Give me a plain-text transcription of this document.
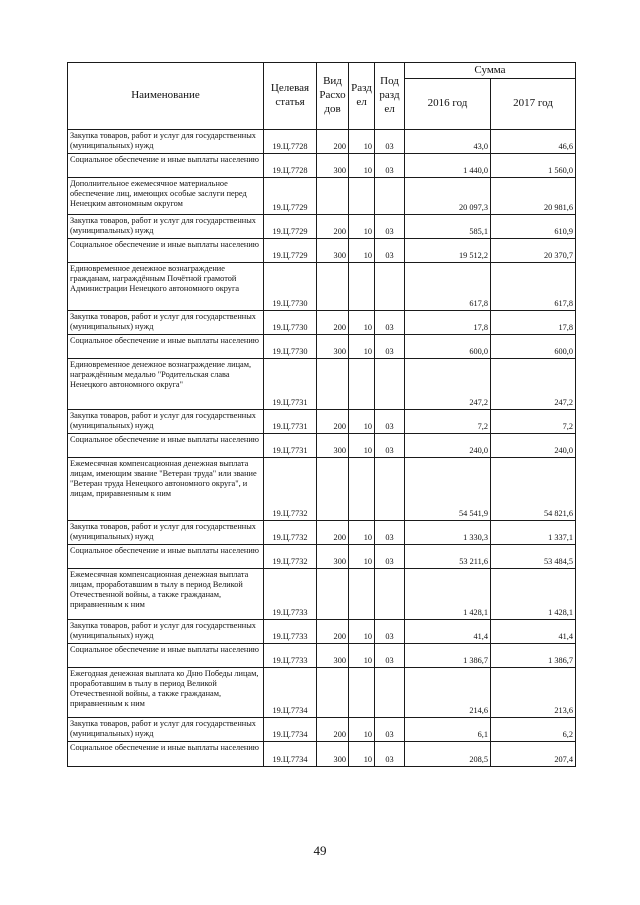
Наименование	Целевая статья	Вид Расхо дов	Разд ел	Под разд ел	Сумма	
					2016 год	2017 год
Закупка товаров, работ и услуг для государственных (муниципальных) нужд	19.Ц.7728	200	10	03	43,0	46,6
Социальное обеспечение и иные выплаты населению	19.Ц.7728	300	10	03	1 440,0	1 560,0
Дополнительное ежемесячное материальное обеспечение лиц, имеющих особые заслуги перед Ненецким автономным округом	19.Ц.7729				20 097,3	20 981,6
Закупка товаров, работ и услуг для государственных (муниципальных) нужд	19.Ц.7729	200	10	03	585,1	610,9
Социальное обеспечение и иные выплаты населению	19.Ц.7729	300	10	03	19 512,2	20 370,7
Единовременное денежное вознаграждение гражданам, награждённым Почётной грамотой Администрации Ненецкого автономного округа	19.Ц.7730				617,8	617,8
Закупка товаров, работ и услуг для государственных (муниципальных) нужд	19.Ц.7730	200	10	03	17,8	17,8
Социальное обеспечение и иные выплаты населению	19.Ц.7730	300	10	03	600,0	600,0
Единовременное денежное вознаграждение лицам, награждённым медалью "Родительская слава Ненецкого автономного округа"	19.Ц.7731				247,2	247,2
Закупка товаров, работ и услуг для государственных (муниципальных) нужд	19.Ц.7731	200	10	03	7,2	7,2
Социальное обеспечение и иные выплаты населению	19.Ц.7731	300	10	03	240,0	240,0
Ежемесячная компенсационная денежная выплата лицам, имеющим звание "Ветеран труда" или звание "Ветеран труда Ненецкого автономного округа", и лицам, приравненным к ним	19.Ц.7732				54 541,9	54 821,6
Закупка товаров, работ и услуг для государственных (муниципальных) нужд	19.Ц.7732	200	10	03	1 330,3	1 337,1
Социальное обеспечение и иные выплаты населению	19.Ц.7732	300	10	03	53 211,6	53 484,5
Ежемесячная компенсационная денежная выплата лицам, проработавшим в тылу в период Великой Отечественной войны, а также гражданам, приравненным к ним	19.Ц.7733				1 428,1	1 428,1
Закупка товаров, работ и услуг для государственных (муниципальных) нужд	19.Ц.7733	200	10	03	41,4	41,4
Социальное обеспечение и иные выплаты населению	19.Ц.7733	300	10	03	1 386,7	1 386,7
Ежегодная денежная выплата ко Дню Победы лицам, проработавшим в тылу в период Великой Отечественной войны, а также гражданам, приравненным к ним	19.Ц.7734				214,6	213,6
Закупка товаров, работ и услуг для государственных (муниципальных) нужд	19.Ц.7734	200	10	03	6,1	6,2
Социальное обеспечение и иные выплаты населению	19.Ц.7734	300	10	03	208,5	207,4
49
